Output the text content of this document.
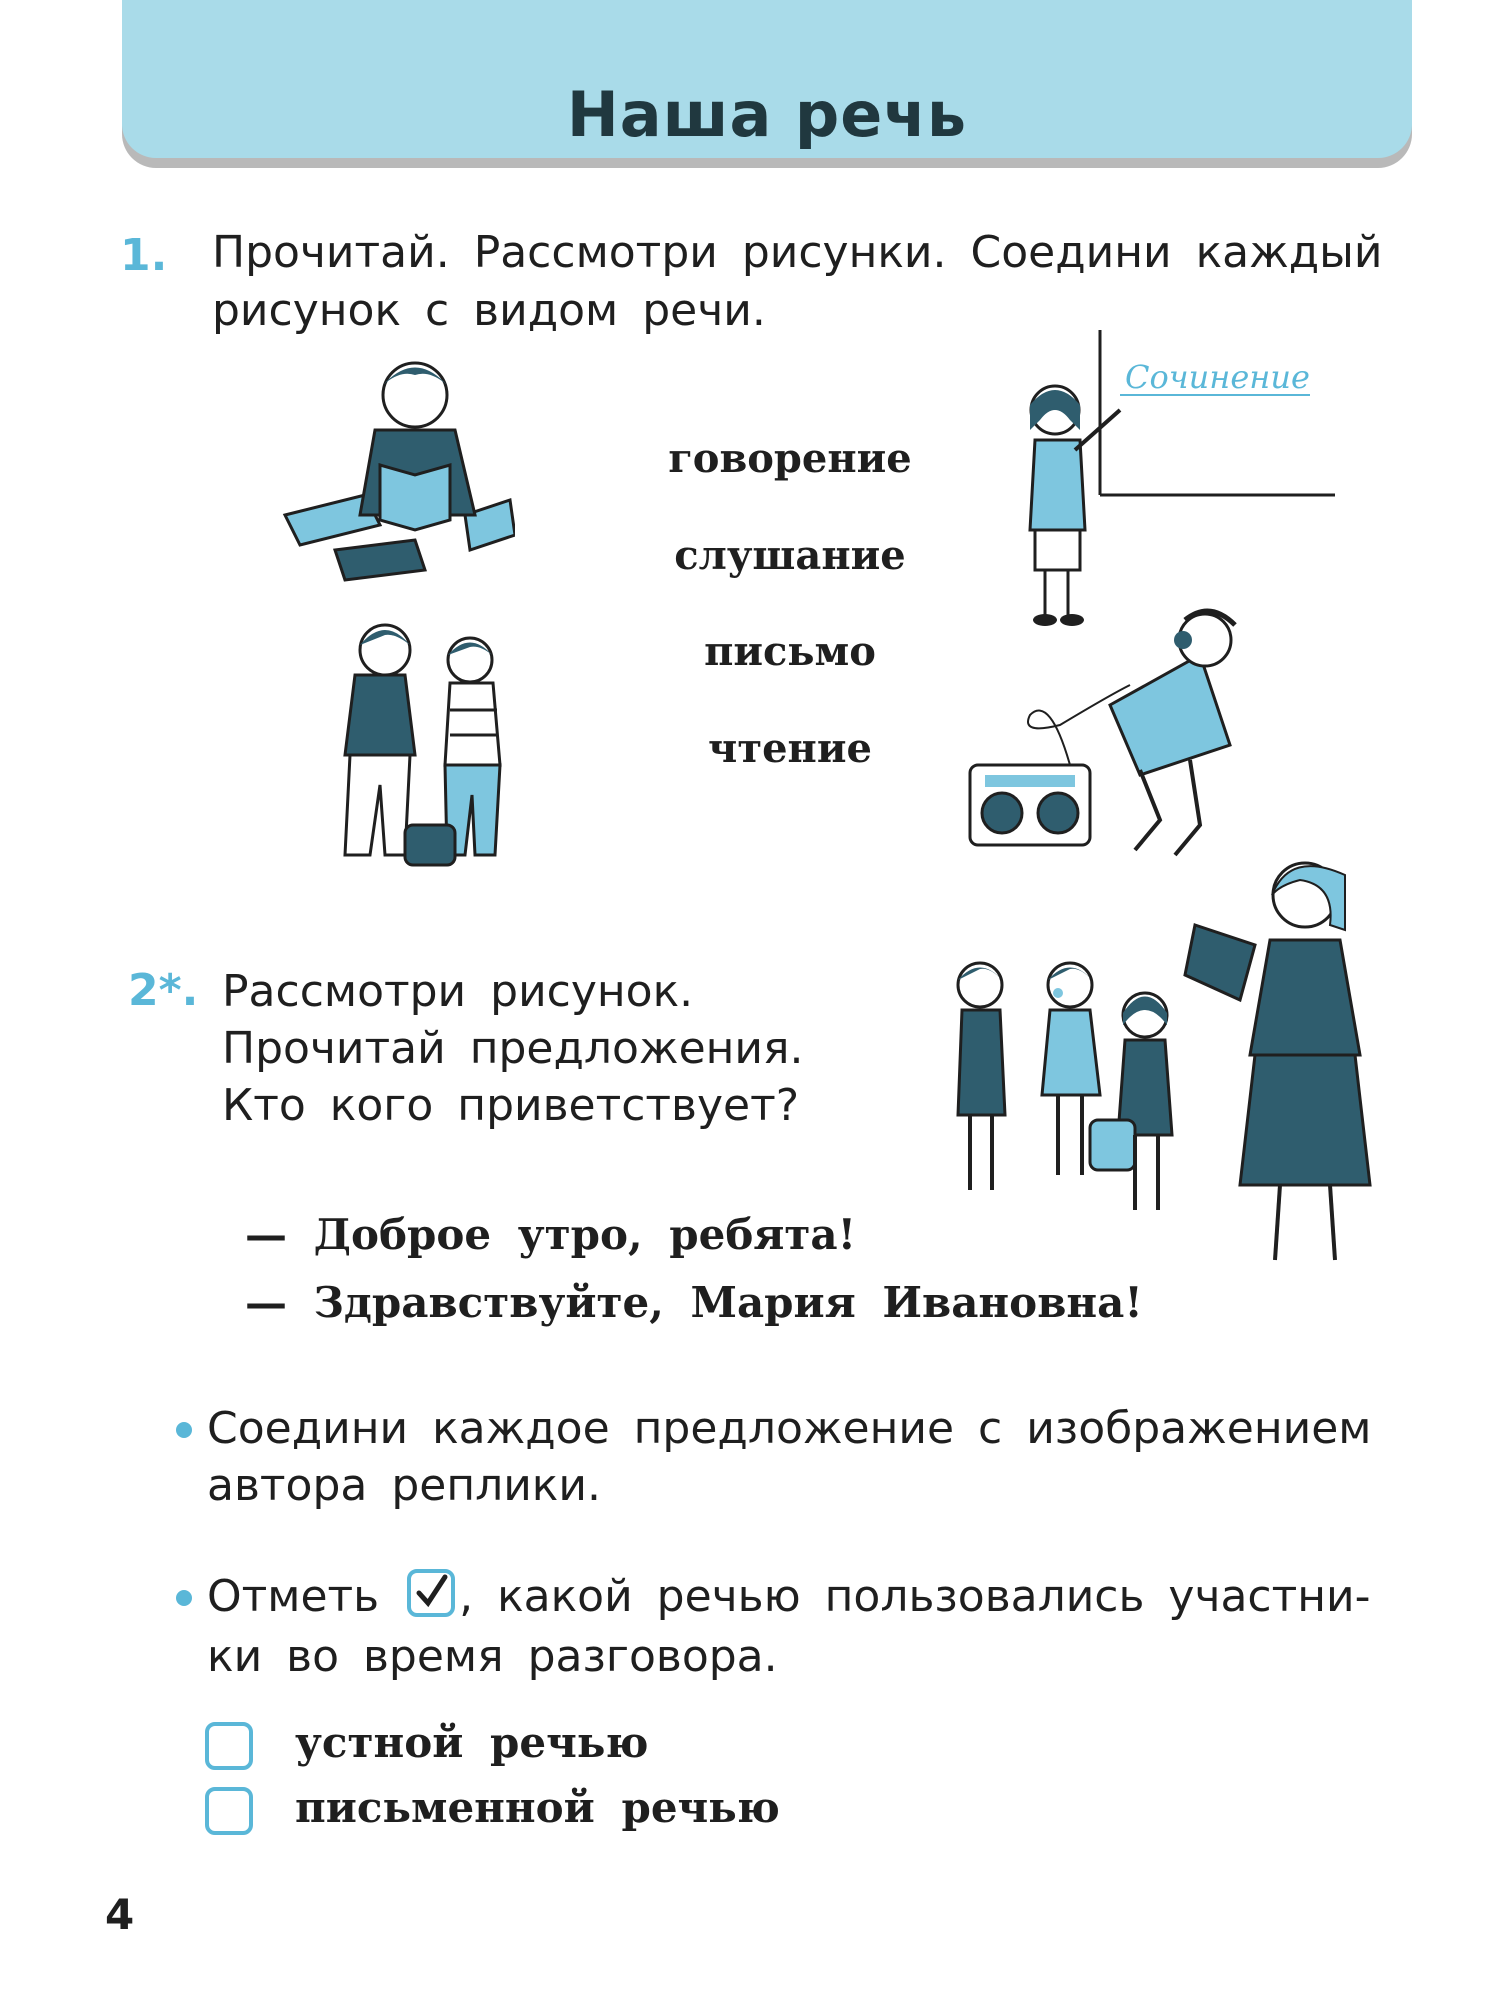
Наша речь
1. Прочитай. Рассмотри рисунки. Соедини каждый
рисунок с видом речи.
говорение
слушание
письмо
чтение
Сочинение
2*. Рассмотри рисунок.
Прочитай предложения.
Кто кого приветствует?
— Доброе утро, ребята!
— Здравствуйте, Мария Ивановна!
Соедини каждое предложение с изображением
автора реплики.
Отметь , какой речью пользовались участни-
ки во время разговора.
устной речью
письменной речью
4
